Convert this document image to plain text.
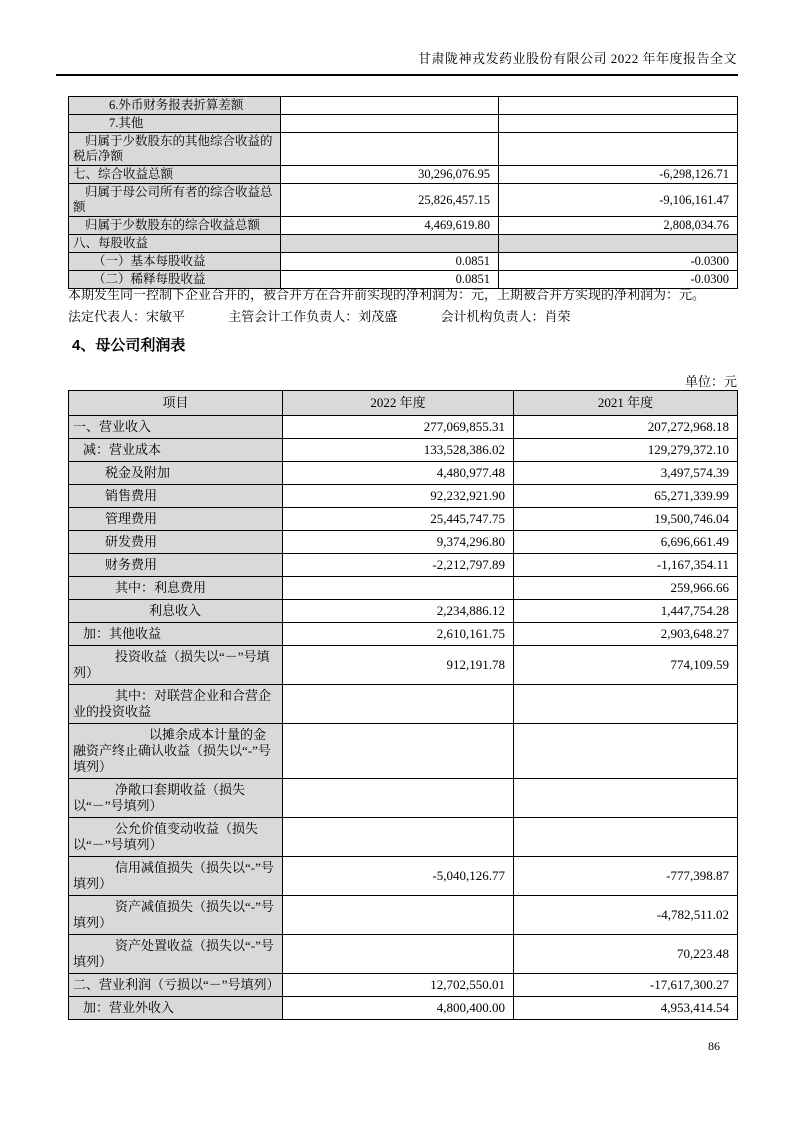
甘肃陇神戎发药业股份有限公司 2022 年年度报告全文
6.外币财务报表折算差额		
7.其他		
归属于少数股东的其他综合收益的税后净额		
七、综合收益总额	30,296,076.95	-6,298,126.71
归属于母公司所有者的综合收益总额	25,826,457.15	-9,106,161.47
归属于少数股东的综合收益总额	4,469,619.80	2,808,034.76
八、每股收益		
（一）基本每股收益	0.0851	-0.0300
（二）稀释每股收益	0.0851	-0.0300

本期发生同一控制下企业合并的，被合并方在合并前实现的净利润为：元，上期被合并方实现的净利润为：元。

法定代表人：宋敏平	主管会计工作负责人：刘茂盛	会计机构负责人：肖荣

4、母公司利润表
单位：元
项目	2022 年度	2021 年度
一、营业收入	277,069,855.31	207,272,968.18
减：营业成本	133,528,386.02	129,279,372.10
税金及附加	4,480,977.48	3,497,574.39
销售费用	92,232,921.90	65,271,339.99
管理费用	25,445,747.75	19,500,746.04
研发费用	9,374,296.80	6,696,661.49
财务费用	-2,212,797.89	-1,167,354.11
其中：利息费用		259,966.66
利息收入	2,234,886.12	1,447,754.28
加：其他收益	2,610,161.75	2,903,648.27
投资收益（损失以“－”号填列）	912,191.78	774,109.59
其中：对联营企业和合营企业的投资收益		
以摊余成本计量的金融资产终止确认收益（损失以“-”号填列）		
净敞口套期收益（损失以“－”号填列）		
公允价值变动收益（损失以“－”号填列）		
信用减值损失（损失以“-”号填列）	-5,040,126.77	-777,398.87
资产减值损失（损失以“-”号填列）		-4,782,511.02
资产处置收益（损失以“-”号填列）		70,223.48
二、营业利润（亏损以“－”号填列）	12,702,550.01	-17,617,300.27
加：营业外收入	4,800,400.00	4,953,414.54
86
